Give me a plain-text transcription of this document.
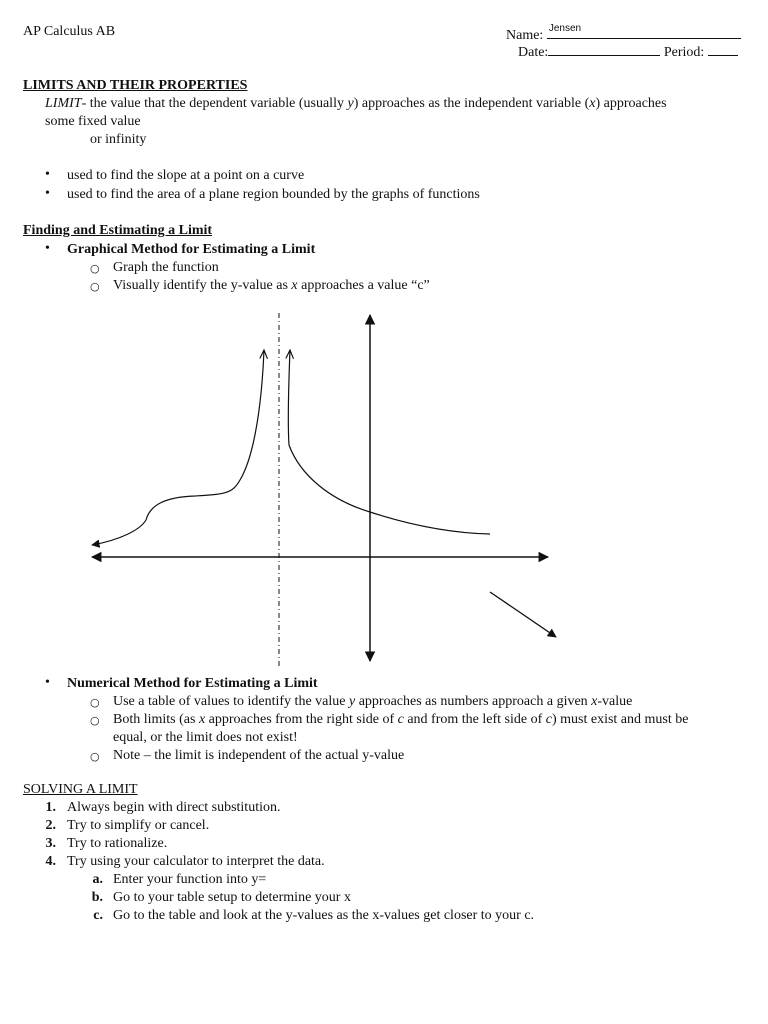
AP Calculus AB	Name: Jensen
Date:	Period:
LIMITS AND THEIR PROPERTIES
LIMIT- the value that the dependent variable (usually y) approaches as the independent variable (x) approaches
some fixed value
or infinity
• used to find the slope at a point on a curve
• used to find the area of a plane region bounded by the graphs of functions
Finding and Estimating a Limit
• Graphical Method for Estimating a Limit
○ Graph the function
○ Visually identify the y-value as x approaches a value “c”
• Numerical Method for Estimating a Limit
○ Use a table of values to identify the value y approaches as numbers approach a given x-value
○ Both limits (as x approaches from the right side of c and from the left side of c) must exist and must be
equal, or the limit does not exist!
○ Note – the limit is independent of the actual y-value
SOLVING A LIMIT
1. Always begin with direct substitution.
2. Try to simplify or cancel.
3. Try to rationalize.
4. Try using your calculator to interpret the data.
a. Enter your function into y=
b. Go to your table setup to determine your x
c. Go to the table and look at the y-values as the x-values get closer to your c.
